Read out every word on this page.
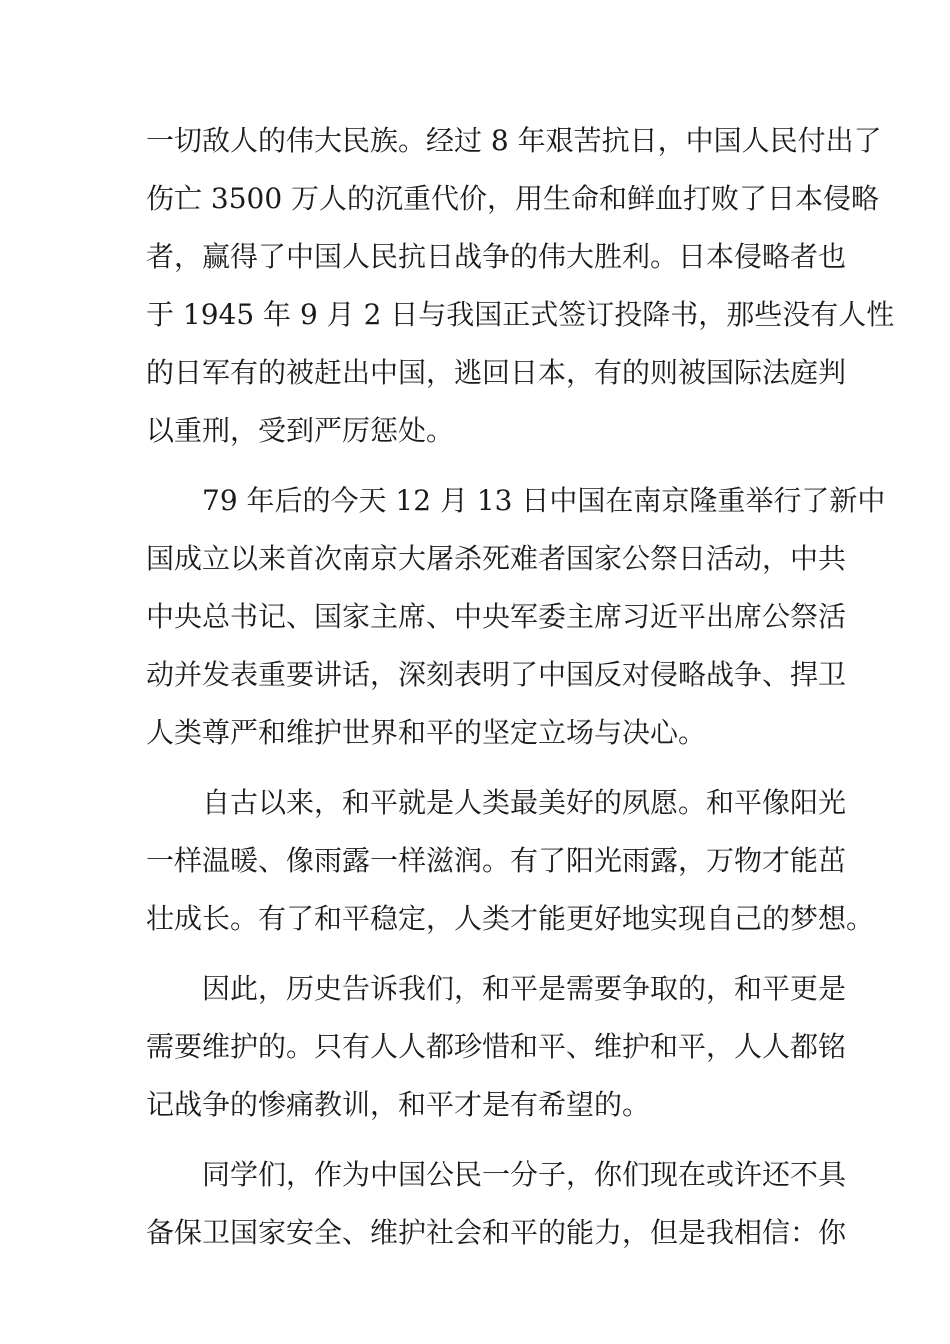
一切敌人的伟大民族。经过 8 年艰苦抗日，中国人民付出了
伤亡 3500 万人的沉重代价，用生命和鲜血打败了日本侵略
者，赢得了中国人民抗日战争的伟大胜利。日本侵略者也
于 1945 年 9 月 2 日与我国正式签订投降书，那些没有人性
的日军有的被赶出中国，逃回日本，有的则被国际法庭判
以重刑，受到严厉惩处。
　　79 年后的今天 12 月 13 日中国在南京隆重举行了新中
国成立以来首次南京大屠杀死难者国家公祭日活动，中共
中央总书记、国家主席、中央军委主席习近平出席公祭活
动并发表重要讲话，深刻表明了中国反对侵略战争、捍卫
人类尊严和维护世界和平的坚定立场与决心。
　　自古以来，和平就是人类最美好的夙愿。和平像阳光
一样温暖、像雨露一样滋润。有了阳光雨露，万物才能茁
壮成长。有了和平稳定，人类才能更好地实现自己的梦想。
　　因此，历史告诉我们，和平是需要争取的，和平更是
需要维护的。只有人人都珍惜和平、维护和平，人人都铭
记战争的惨痛教训，和平才是有希望的。
　　同学们，作为中国公民一分子，你们现在或许还不具
备保卫国家安全、维护社会和平的能力，但是我相信：你
